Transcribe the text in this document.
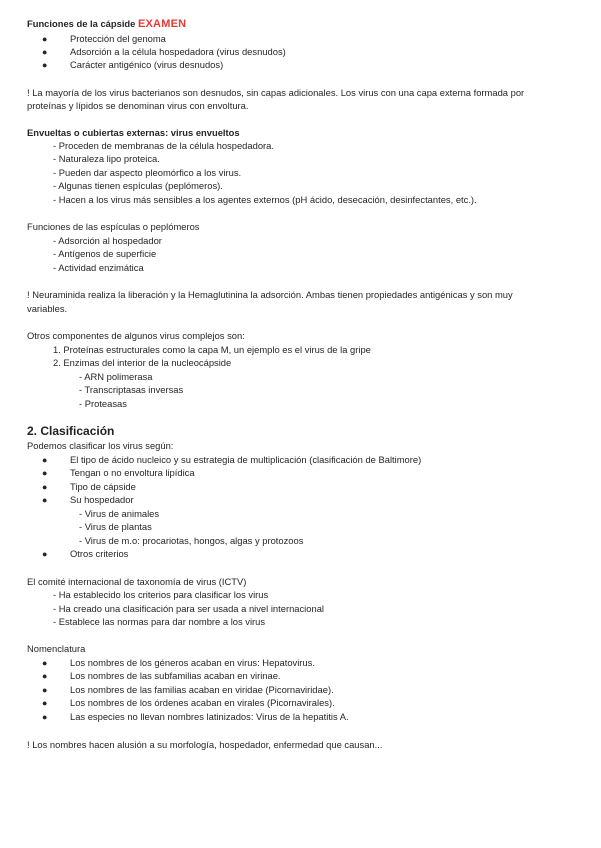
Funciones de la cápside EXAMEN
● Protección del genoma
● Adsorción a la célula hospedadora (virus desnudos)
● Carácter antigénico (virus desnudos)
! La mayoría de los virus bacterianos son desnudos, sin capas adicionales. Los virus con una capa externa formada por
proteínas y lípidos se denominan virus con envoltura.
Envueltas o cubiertas externas: virus envueltos
- Proceden de membranas de la célula hospedadora.
- Naturaleza lipo proteica.
- Pueden dar aspecto pleomórfico a los virus.
- Algunas tienen espículas (peplómeros).
- Hacen a los virus más sensibles a los agentes externos (pH ácido, desecación, desinfectantes, etc.).
Funciones de las espículas o peplómeros
- Adsorción al hospedador
- Antígenos de superficie
- Actividad enzimática
! Neuraminida realiza la liberación y la Hemaglutinina la adsorción. Ambas tienen propiedades antigénicas y son muy
variables.
Otros componentes de algunos virus complejos son:
1. Proteínas estructurales como la capa M, un ejemplo es el virus de la gripe
2. Enzimas del interior de la nucleocápside
- ARN polimerasa
- Transcriptasas inversas
- Proteasas
2. Clasificación
Podemos clasificar los virus según:
● El tipo de ácido nucleico y su estrategia de multiplicación (clasificación de Baltimore)
● Tengan o no envoltura lipídica
● Tipo de cápside
● Su hospedador
- Virus de animales
- Virus de plantas
- Virus de m.o: procariotas, hongos, algas y protozoos
● Otros criterios
El comité internacional de taxonomía de virus (ICTV)
- Ha establecido los criterios para clasificar los virus
- Ha creado una clasificación para ser usada a nivel internacional
- Establece las normas para dar nombre a los virus
Nomenclatura
● Los nombres de los géneros acaban en virus: Hepatovirus.
● Los nombres de las subfamilias acaban en virinae.
● Los nombres de las familias acaban en viridae (Picornaviridae).
● Los nombres de los órdenes acaban en virales (Picornavirales).
● Las especies no llevan nombres latinizados: Virus de la hepatitis A.
! Los nombres hacen alusión a su morfología, hospedador, enfermedad que causan...
